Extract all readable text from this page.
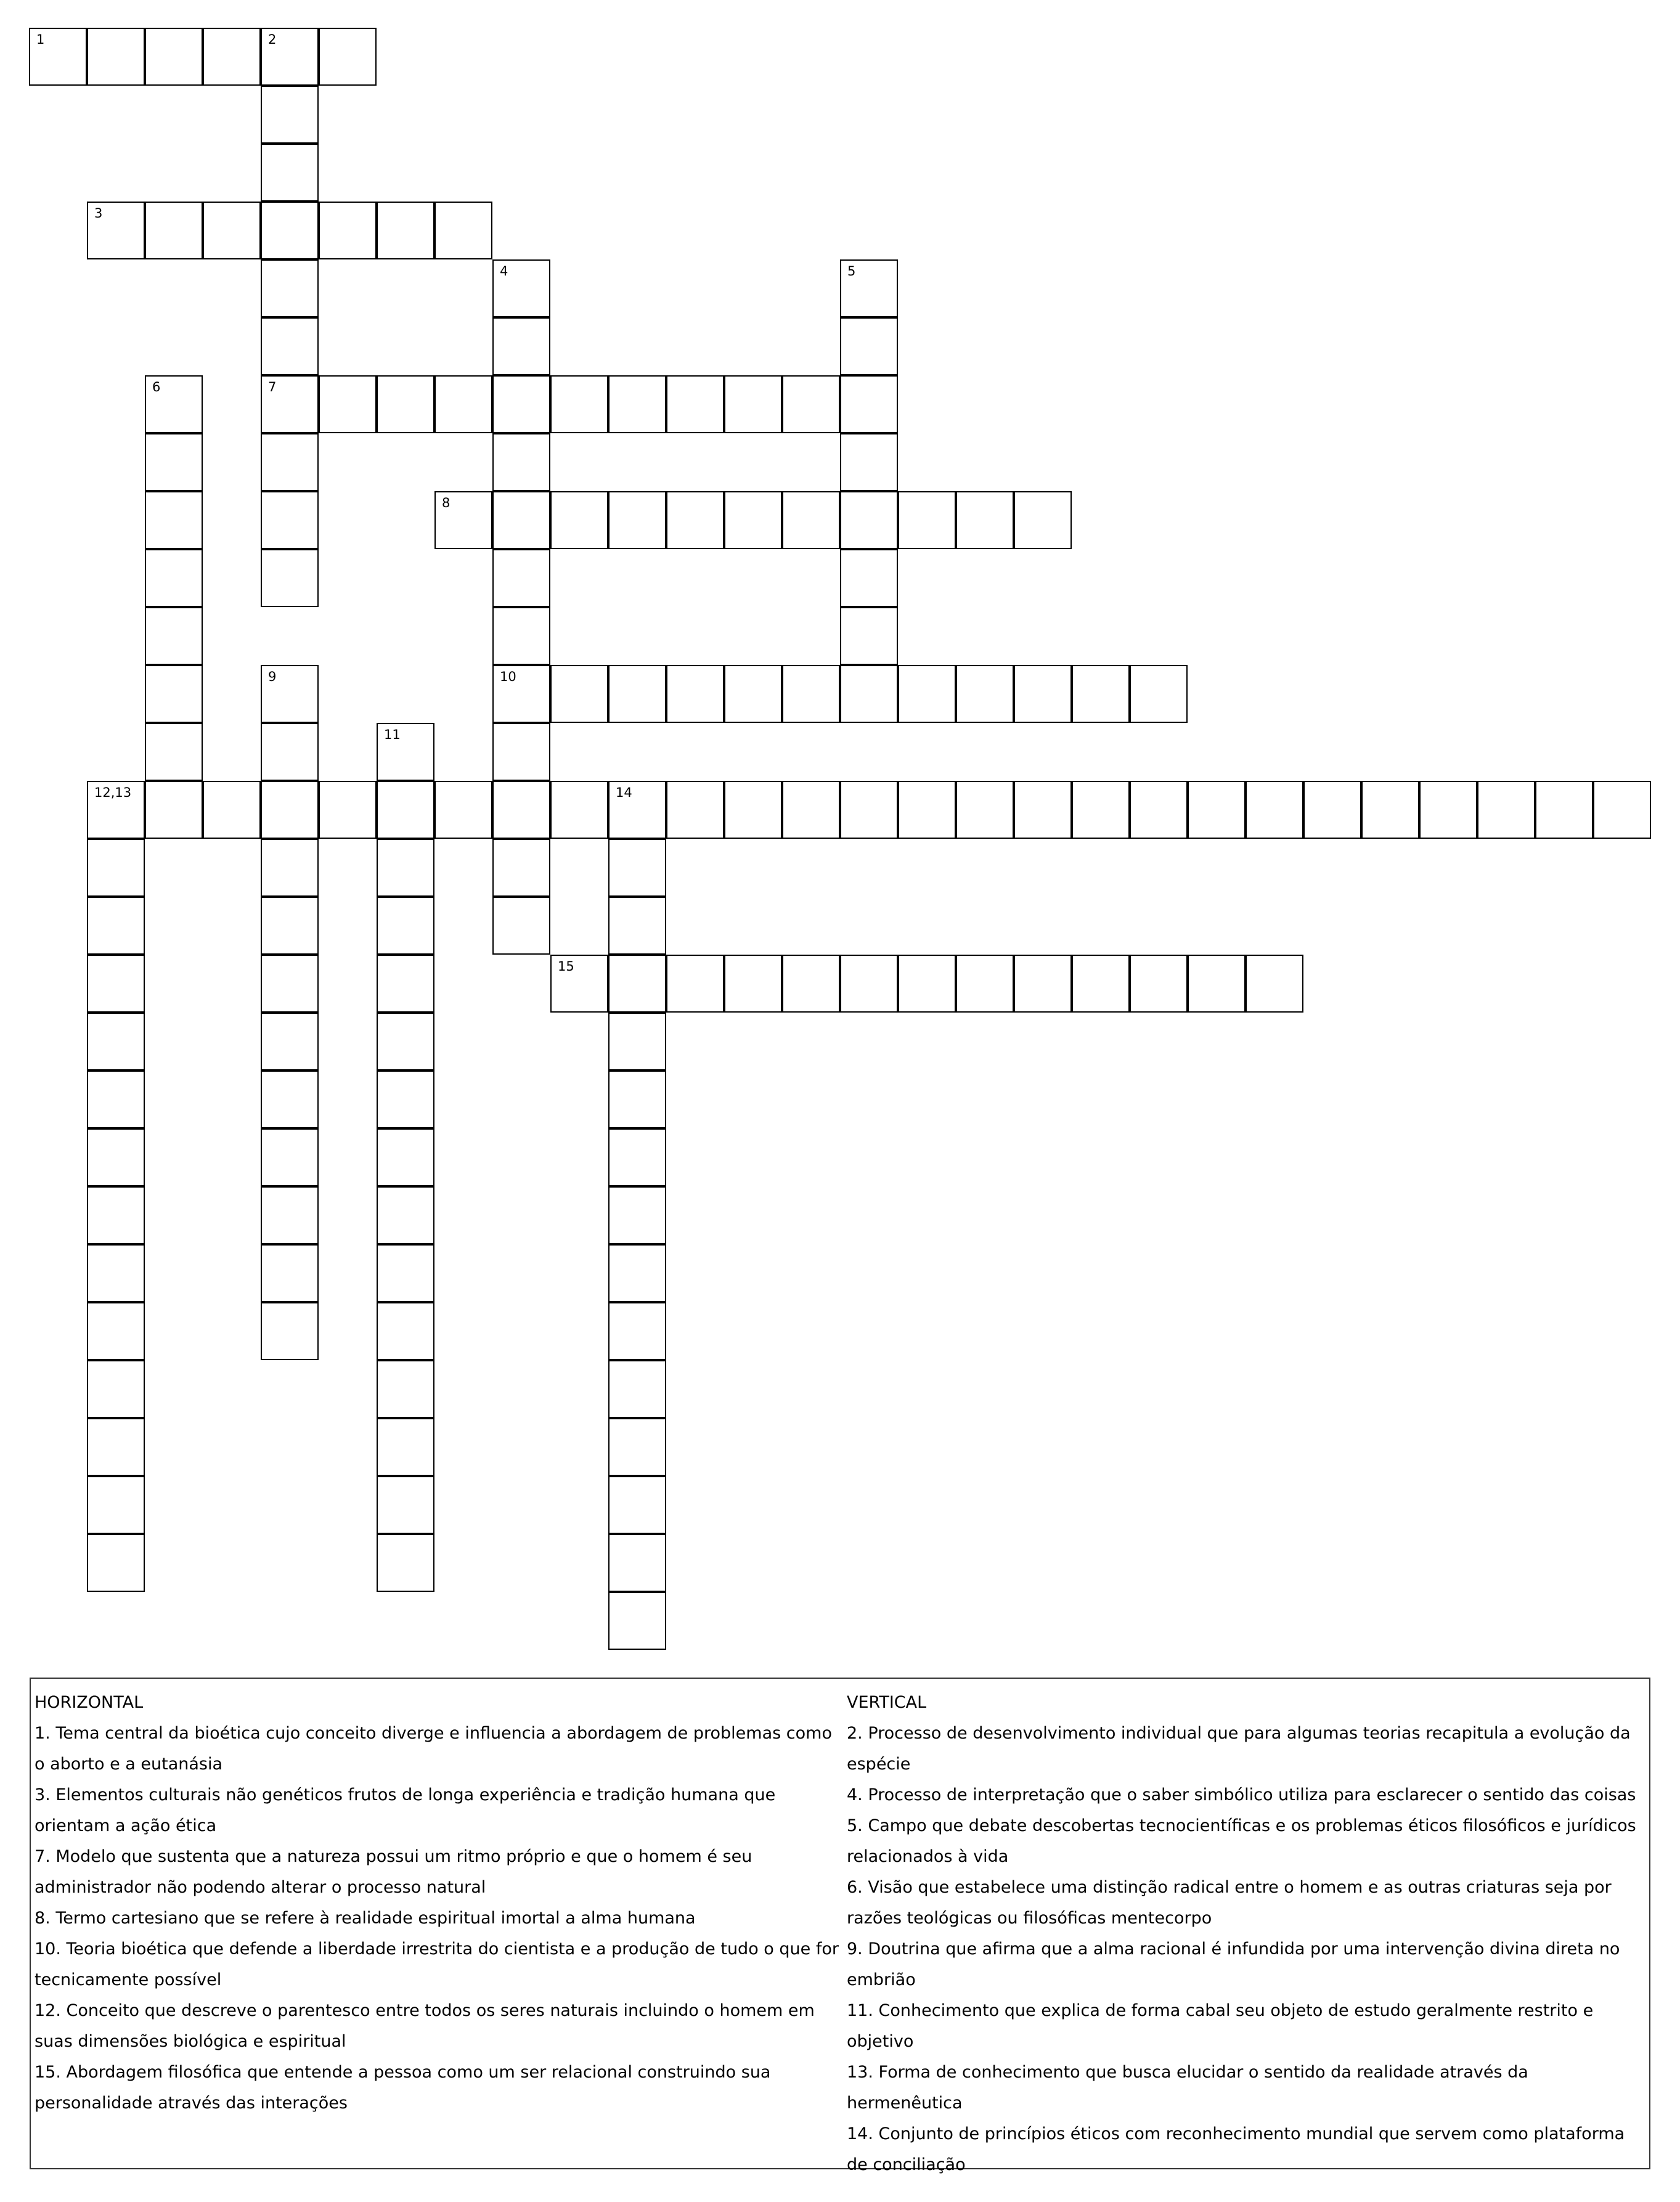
1	2
7
3
4
10
5
6
8
9
11
12,13	14
15

HORIZONTAL

1. Tema central da bioética cujo conceito diverge e influencia a abordagem de problemas como o aborto e a eutanásia

3. Elementos culturais não genéticos frutos de longa experiência e tradição humana que orientam a ação ética

7. Modelo que sustenta que a natureza possui um ritmo próprio e que o homem é seu administrador não podendo alterar o processo natural

8. Termo cartesiano que se refere à realidade espiritual imortal a alma humana

10. Teoria bioética que defende a liberdade irrestrita do cientista e a produção de tudo o que for tecnicamente possível

12. Conceito que descreve o parentesco entre todos os seres naturais incluindo o homem em suas dimensões biológica e espiritual

15. Abordagem filosófica que entende a pessoa como um ser relacional construindo sua personalidade através das interações

VERTICAL

2. Processo de desenvolvimento individual que para algumas teorias recapitula a evolução da espécie

4. Processo de interpretação que o saber simbólico utiliza para esclarecer o sentido das coisas

5. Campo que debate descobertas tecnocientíficas e os problemas éticos filosóficos e jurídicos relacionados à vida

6. Visão que estabelece uma distinção radical entre o homem e as outras criaturas seja por razões teológicas ou filosóficas mentecorpo

9. Doutrina que afirma que a alma racional é infundida por uma intervenção divina direta no embrião

11. Conhecimento que explica de forma cabal seu objeto de estudo geralmente restrito e objetivo

13. Forma de conhecimento que busca elucidar o sentido da realidade através da hermenêutica

14. Conjunto de princípios éticos com reconhecimento mundial que servem como plataforma de conciliação
